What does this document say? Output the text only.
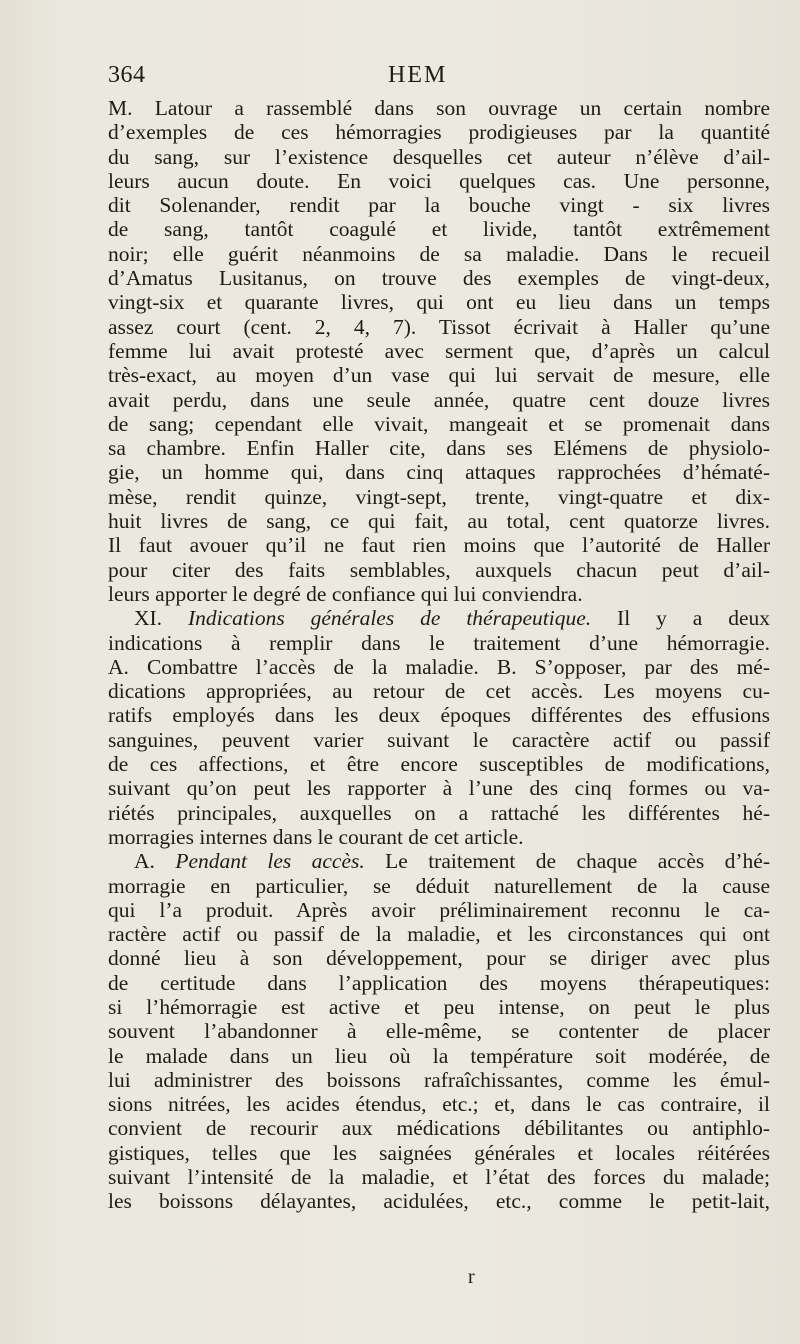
364	HEM
M. Latour a rassemblé dans son ouvrage un certain nombre
d’exemples de ces hémorragies prodigieuses par la quantité
du sang, sur l’existence desquelles cet auteur n’élève d’ail-
leurs aucun doute. En voici quelques cas. Une personne,
dit Solenander, rendit par la bouche vingt - six livres
de sang, tantôt coagulé et livide, tantôt extrêmement
noir; elle guérit néanmoins de sa maladie. Dans le recueil
d’Amatus Lusitanus, on trouve des exemples de vingt-deux,
vingt-six et quarante livres, qui ont eu lieu dans un temps
assez court (cent. 2, 4, 7). Tissot écrivait à Haller qu’une
femme lui avait protesté avec serment que, d’après un calcul
très-exact, au moyen d’un vase qui lui servait de mesure, elle
avait perdu, dans une seule année, quatre cent douze livres
de sang; cependant elle vivait, mangeait et se promenait dans
sa chambre. Enfin Haller cite, dans ses Elémens de physiolo-
gie, un homme qui, dans cinq attaques rapprochées d’hématé-
mèse, rendit quinze, vingt-sept, trente, vingt-quatre et dix-
huit livres de sang, ce qui fait, au total, cent quatorze livres.
Il faut avouer qu’il ne faut rien moins que l’autorité de Haller
pour citer des faits semblables, auxquels chacun peut d’ail-
leurs apporter le degré de confiance qui lui conviendra.
XI. Indications générales de thérapeutique. Il y a deux
indications à remplir dans le traitement d’une hémorragie.
A. Combattre l’accès de la maladie. B. S’opposer, par des mé-
dications appropriées, au retour de cet accès. Les moyens cu-
ratifs employés dans les deux époques différentes des effusions
sanguines, peuvent varier suivant le caractère actif ou passif
de ces affections, et être encore susceptibles de modifications,
suivant qu’on peut les rapporter à l’une des cinq formes ou va-
riétés principales, auxquelles on a rattaché les différentes hé-
morragies internes dans le courant de cet article.
A. Pendant les accès. Le traitement de chaque accès d’hé-
morragie en particulier, se déduit naturellement de la cause
qui l’a produit. Après avoir préliminairement reconnu le ca-
ractère actif ou passif de la maladie, et les circonstances qui ont
donné lieu à son développement, pour se diriger avec plus
de certitude dans l’application des moyens thérapeutiques:
si l’hémorragie est active et peu intense, on peut le plus
souvent l’abandonner à elle-même, se contenter de placer
le malade dans un lieu où la température soit modérée, de
lui administrer des boissons rafraîchissantes, comme les émul-
sions nitrées, les acides étendus, etc.; et, dans le cas contraire, il
convient de recourir aux médications débilitantes ou antiphlo-
gistiques, telles que les saignées générales et locales réitérées
suivant l’intensité de la maladie, et l’état des forces du malade;
les boissons délayantes, acidulées, etc., comme le petit-lait,
r
